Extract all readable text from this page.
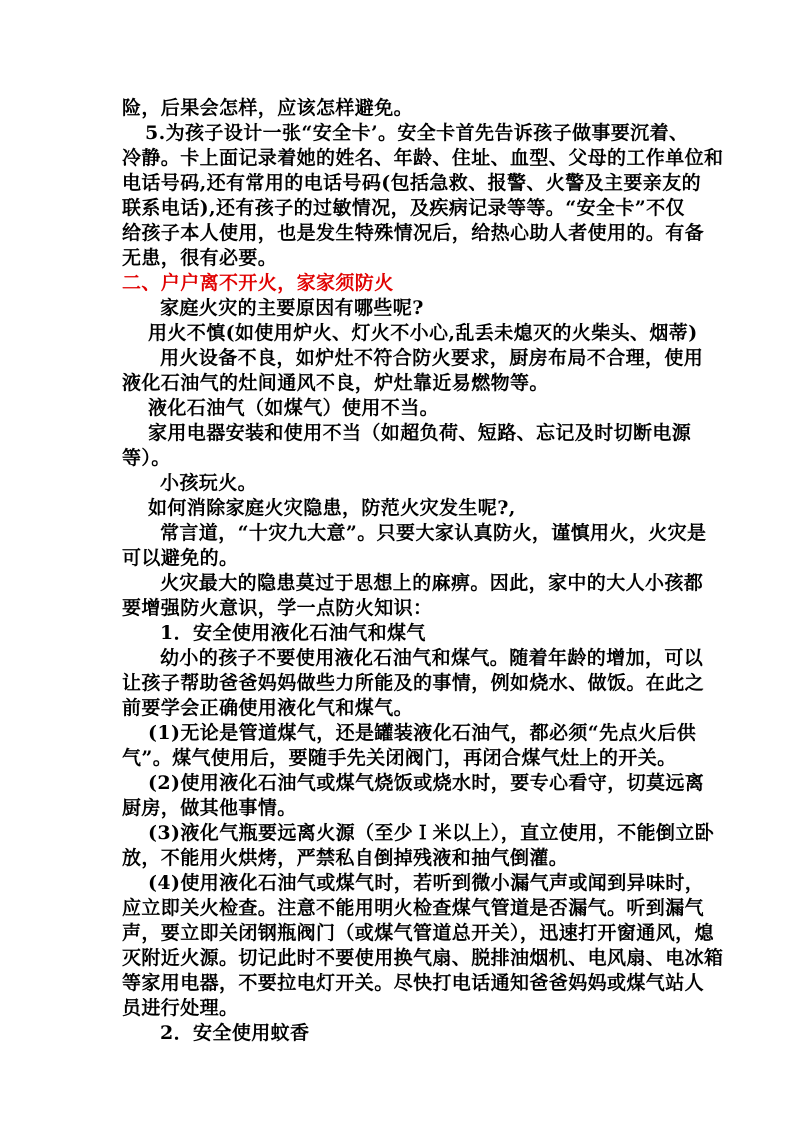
险，后果会怎样，应该怎样避免。
5.为孩子设计一张“安全卡’。安全卡首先告诉孩子做事要沉着、
冷静。卡上面记录着她的姓名、年龄、住址、血型、父母的工作单位和
电话号码,还有常用的电话号码(包括急救、报警、火警及主要亲友的
联系电话),还有孩子的过敏情况，及疾病记录等等。“安全卡”不仅
给孩子本人使用，也是发生特殊情况后，给热心助人者使用的。有备
无患，很有必要。
二、户户离不开火，家家须防火
家庭火灾的主要原因有哪些呢?
用火不慎(如使用炉火、灯火不小心,乱丢未熄灭的火柴头、烟蒂)
用火设备不良，如炉灶不符合防火要求，厨房布局不合理，使用
液化石油气的灶间通风不良，炉灶靠近易燃物等。
液化石油气（如煤气）使用不当。
家用电器安装和使用不当（如超负荷、短路、忘记及时切断电源
等）。
小孩玩火。
如何消除家庭火灾隐患，防范火灾发生呢?,
常言道，“十灾九大意”。只要大家认真防火，谨慎用火，火灾是
可以避免的。
火灾最大的隐患莫过于思想上的麻痹。因此，家中的大人小孩都
要增强防火意识，学一点防火知识：
1．安全使用液化石油气和煤气
幼小的孩子不要使用液化石油气和煤气。随着年龄的增加，可以
让孩子帮助爸爸妈妈做些力所能及的事情，例如烧水、做饭。在此之
前要学会正确使用液化气和煤气。
(1)无论是管道煤气，还是罐装液化石油气，都必须“先点火后供
气”。煤气使用后，要随手先关闭阀门，再闭合煤气灶上的开关。
(2)使用液化石油气或煤气烧饭或烧水时，要专心看守，切莫远离
厨房，做其他事情。
(3)液化气瓶要远离火源（至少Ｉ米以上），直立使用，不能倒立卧
放，不能用火烘烤，严禁私自倒掉残液和抽气倒灌。
(4)使用液化石油气或煤气时，若听到微小漏气声或闻到异味时，
应立即关火检查。注意不能用明火检查煤气管道是否漏气。听到漏气
声，要立即关闭钢瓶阀门（或煤气管道总开关），迅速打开窗通风，熄
灭附近火源。切记此时不要使用换气扇、脱排油烟机、电风扇、电冰箱
等家用电器，不要拉电灯开关。尽快打电话通知爸爸妈妈或煤气站人
员进行处理。
2．安全使用蚊香
